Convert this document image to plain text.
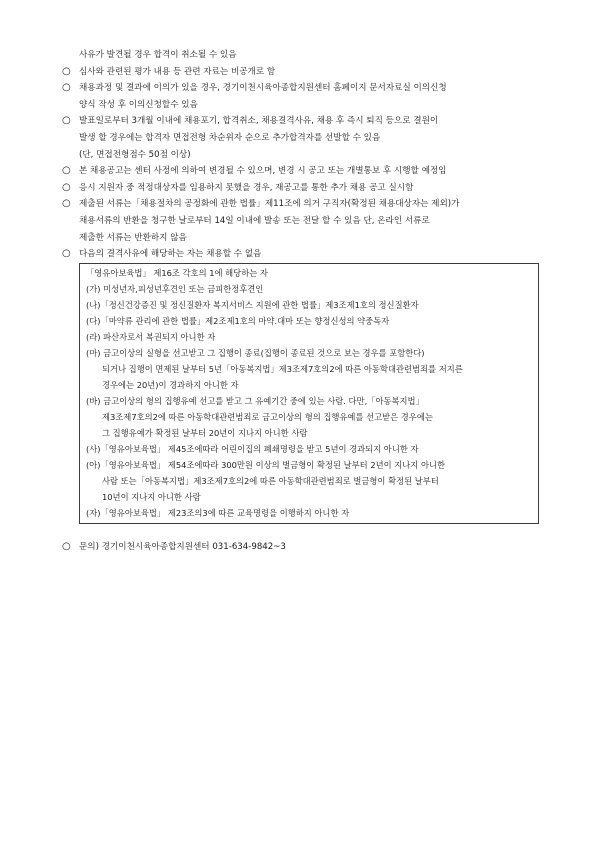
사유가 발견될 경우 합격이 취소될 수 있음
○ 심사와 관련된 평가 내용 등 관련 자료는 비공개로 함
○ 채용과정 및 결과에 이의가 있을 경우, 경기이천시육아종합지원센터 홈페이지 문서자료실 이의신청
양식 작성 후 이의신청할수 있음
○ 발표일로부터 3개월 이내에 채용포기, 합격취소, 채용결격사유, 채용 후 즉시 퇴직 등으로 결원이
발생 할 경우에는 합격자 면접전형 차순위자 순으로 추가합격자를 선발할 수 있음
(단, 면접전형점수 50점 이상)
○ 본 채용공고는 센터 사정에 의하여 변경될 수 있으며, 변경 시 공고 또는 개별통보 후 시행할 예정임
○ 응시 지원자 중 적정대상자를 임용하지 못했을 경우, 재공고를 통한 추가 채용 공고 실시함
○ 제출된 서류는「채용절차의 공정화에 관한 법률」제11조에 의거 구직자(확정된 채용대상자는 제외)가
채용서류의 반환을 청구한 날로부터 14일 이내에 발송 또는 전달 할 수 있음 단, 온라인 서류로
제출한 서류는 반환하지 않음
○ 다음의 결격사유에 해당하는 자는 채용할 수 없음
「영유아보육법」 제16조 각호의 1에 해당하는 자
(가) 미성년자,피성년후견인 또는 금피한정후견인
(나)「정신건강증진 및 정신질환자 복지서비스 지원에 관한 법률」제3조제1호의 정신질환자
(다)「마약류 관리에 관한 법률」제2조제1호의 마약.대마 또는 향정신성의 약중독자
(라) 파산자로서 복권되지 아니한 자
(마) 금고이상의 실형을 선고받고 그 집행이 종료(집행이 종료된 것으로 보는 경우를 포함한다)
되거나 집행이 면제된 날부터 5년「아동복지법」제3조제7호의2에 따른 아동학대관련범죄를 저지른
경우에는 20년)이 경과하지 아니한 자
(바) 금고이상의 형의 집행유예 선고를 받고 그 유예기간 중에 있는 사람. 다만,「아동복지법」
제3조제7호의2에 따른 아동학대관련범죄로 금고이상의 형의 집행유예를 선고받은 경우에는
그 집행유예가 확정된 날부터 20년이 지나지 아니한 사람
(사)「영유아보육법」 제45조에따라 어린이집의 폐쇄명령을 받고 5년이 경과되지 아니한 자
(아)「영유아보육법」 제54조에따라 300만원 이상의 벌금형이 확정된 날부터 2년이 지나지 아니한
사람 또는「아동복지법」제3조제7호의2에 따른 아동학대관련범죄로 벌금형이 확정된 날부터
10년이 지나지 아니한 사람
(자)「영유아보육법」 제23조의3에 따른 교육명령을 이행하지 아니한 자
○ 문의) 경기이천시육아종합지원센터 031-634-9842~3
